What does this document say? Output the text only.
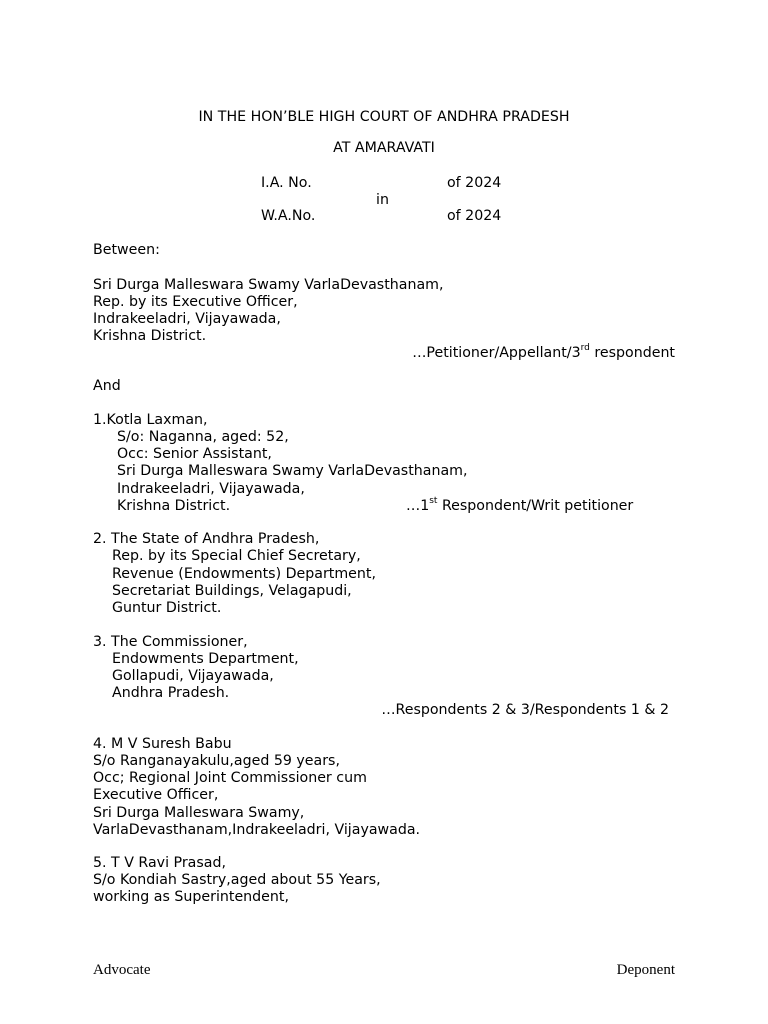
IN THE HON’BLE HIGH COURT OF ANDHRA PRADESH
AT AMARAVATI
I.A. No.	of 2024
in
W.A.No.	of 2024
Between:
Sri Durga Malleswara Swamy VarlaDevasthanam,
Rep. by its Executive Officer,
Indrakeeladri, Vijayawada,
Krishna District.
…Petitioner/Appellant/3rd respondent
And
1.Kotla Laxman,
S/o: Naganna, aged: 52,
Occ: Senior Assistant,
Sri Durga Malleswara Swamy VarlaDevasthanam,
Indrakeeladri, Vijayawada,
Krishna District.	…1st Respondent/Writ petitioner
2. The State of Andhra Pradesh,
Rep. by its Special Chief Secretary,
Revenue (Endowments) Department,
Secretariat Buildings, Velagapudi,
Guntur District.
3. The Commissioner,
Endowments Department,
Gollapudi, Vijayawada,
Andhra Pradesh.
…Respondents 2 & 3/Respondents 1 & 2
4. M V Suresh Babu
S/o Ranganayakulu,aged 59 years,
Occ; Regional Joint Commissioner cum
Executive Officer,
Sri Durga Malleswara Swamy,
VarlaDevasthanam,Indrakeeladri, Vijayawada.
5. T V Ravi Prasad,
S/o Kondiah Sastry,aged about 55 Years,
working as Superintendent,
Advocate	Deponent
